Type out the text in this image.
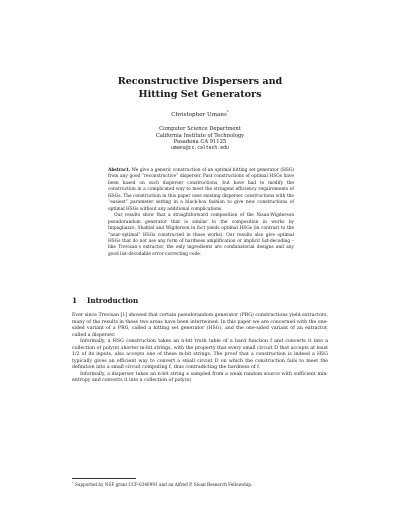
Reconstructive Dispersers and
Hitting Set Generators
Christopher Umans*
Computer Science Department
California Institute of Technology
Pasadena CA 91125
umans@cs.caltech.edu

Abstract. We give a generic construction of an optimal hitting set generator (HSG) from any good “reconstructive” disperser. Past constructions of optimal HSGs have been based on such disperser constructions, but have had to modify the construction in a complicated way to meet the stringent efficiency requirements of HSGs. The construction in this paper uses existing disperser constructions with the “easiest” parameter setting in a black-box fashion to give new constructions of optimal HSGs without any additional complications.

Our results show that a straightforward composition of the Nisan-Wigderson pseudorandom generator that is similar to the composition in works by Impagliazzo, Shaltiel and Wigderson in fact yields optimal HSGs (in contrast to the “near-optimal” HSGs constructed in those works). Our results also give optimal HSGs that do not use any form of hardness amplification or implicit list-decoding – like Trevisan’s extractor, the only ingredients are combinatorial designs and any good list-decodable error-correcting code.

1 Introduction

Ever since Trevisan [1] showed that certain pseudorandom generator (PRG) constructions yield extractors, many of the results in these two areas have been intertwined. In this paper we are concerned with the one-sided variant of a PRG, called a hitting set generator (HSG), and the one-sided variant of an extractor, called a disperser.

Informally, a HSG construction takes an n-bit truth table of a hard function f and converts it into a collection of poly(n) shorter m-bit strings, with the property that every small circuit D that accepts at least 1/2 of its inputs, also accepts one of these m-bit strings. The proof that a construction is indeed a HSG typically gives an efficient way to convert a small circuit D on which the construction fails to meet the definition into a small circuit computing f, thus contradicting the hardness of f.

Informally, a disperser takes an n-bit string x sampled from a weak random source with sufficient min-entropy and converts it into a collection of poly(n)

* Supported by NSF grant CCF-0346991 and an Alfred P. Sloan Research Fellowship.
